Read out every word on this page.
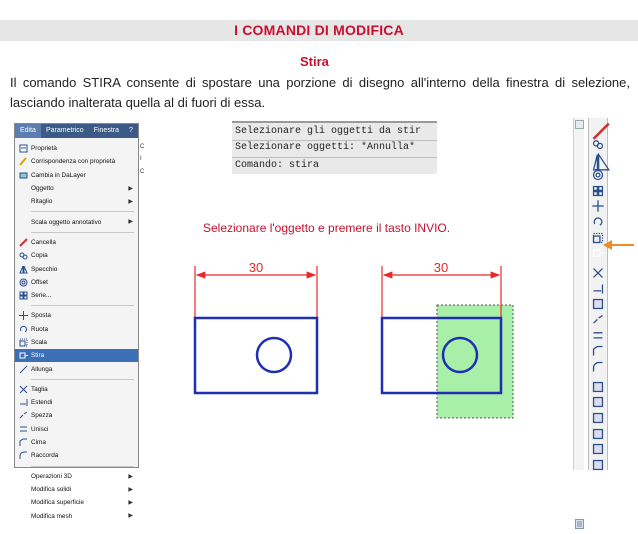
I COMANDI DI MODIFICA
Stira
Il comando STIRA consente di spostare una porzione di disegno all'interno della finestra di selezione, lasciando inalterata quella al di fuori di essa.
Edita	Parametrico	Finestra	?
Proprietà
Corrispondenza con proprietà
Cambia in DaLayer
Oggetto	▶
Ritaglio	▶
Scala oggetto annotativo	▶
Cancella
Copia
Specchio
Offset
Serie...
Sposta
Ruota
Scala
Stira
Allunga
Taglia
Estendi
Spezza
Unisci
Cima
Raccorda
Operazioni 3D	▶
Modifica solidi	▶
Modifica superficie	▶
Modifica mesh	▶
C
I
C
Selezionare gli oggetti da stir
Selezionare oggetti: *Annulla*
Comando: stira
Selezionare l'oggetto e premere il tasto INVIO.
30	30
